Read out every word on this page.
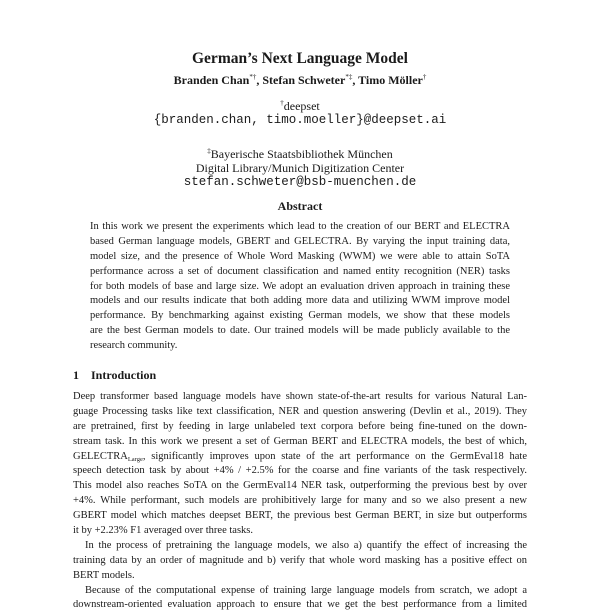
German’s Next Language Model
Branden Chan*†, Stefan Schweter*‡, Timo Möller†
†deepset
{branden.chan, timo.moeller}@deepset.ai
‡Bayerische Staatsbibliothek München
Digital Library/Munich Digitization Center
stefan.schweter@bsb-muenchen.de
Abstract
In this work we present the experiments which lead to the creation of our BERT and ELECTRA
based German language models, GBERT and GELECTRA. By varying the input training data,
model size, and the presence of Whole Word Masking (WWM) we were able to attain SoTA
performance across a set of document classification and named entity recognition (NER) tasks
for both models of base and large size. We adopt an evaluation driven approach in training these
models and our results indicate that both adding more data and utilizing WWM improve model
performance. By benchmarking against existing German models, we show that these models
are the best German models to date. Our trained models will be made publicly available to the
research community.
1 Introduction
Deep transformer based language models have shown state-of-the-art results for various Natural Lan-
guage Processing tasks like text classification, NER and question answering (Devlin et al., 2019). They
are pretrained, first by feeding in large unlabeled text corpora before being fine-tuned on the down-
stream task. In this work we present a set of German BERT and ELECTRA models, the best of which,
$GELECTRA_{Large}$, significantly improves upon state of the art performance on the GermEval18 hate
speech detection task by about +4% / +2.5% for the coarse and fine variants of the task respectively.
This model also reaches SoTA on the GermEval14 NER task, outperforming the previous best by over
+4%. While performant, such models are prohibitively large for many and so we also present a new
GBERT model which matches deepset BERT, the previous best German BERT, in size but outperforms
it by +2.23% F1 averaged over three tasks.
In the process of pretraining the language models, we also a) quantify the effect of increasing the
training data by an order of magnitude and b) verify that whole word masking has a positive effect on
BERT models.
Because of the computational expense of training large language models from scratch, we adopt a
downstream-oriented evaluation approach to ensure that we get the best performance from a limited
